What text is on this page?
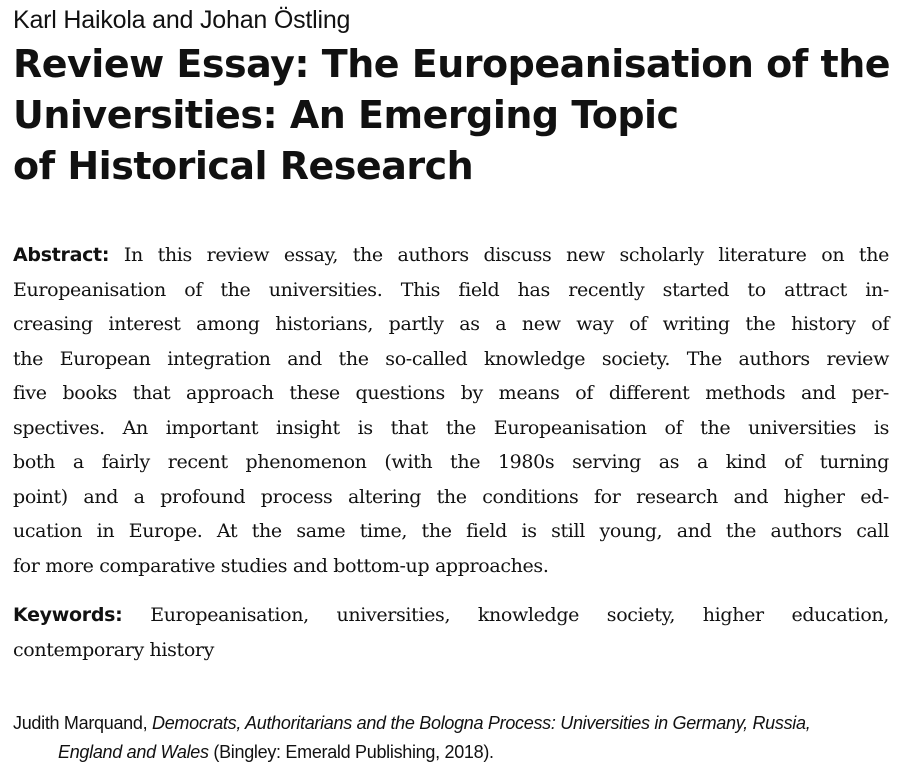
Karl Haikola and Johan Östling
Review Essay: The Europeanisation of the
Universities: An Emerging Topic
of Historical Research
Abstract: In this review essay, the authors discuss new scholarly literature on the
Europeanisation of the universities. This field has recently started to attract in-
creasing interest among historians, partly as a new way of writing the history of
the European integration and the so-called knowledge society. The authors review
five books that approach these questions by means of different methods and per-
spectives. An important insight is that the Europeanisation of the universities is
both a fairly recent phenomenon (with the 1980s serving as a kind of turning
point) and a profound process altering the conditions for research and higher ed-
ucation in Europe. At the same time, the field is still young, and the authors call
for more comparative studies and bottom-up approaches.
Keywords: Europeanisation, universities, knowledge society, higher education,
contemporary history
Judith Marquand, Democrats, Authoritarians and the Bologna Process: Universities in Germany, Russia,
England and Wales (Bingley: Emerald Publishing, 2018).
